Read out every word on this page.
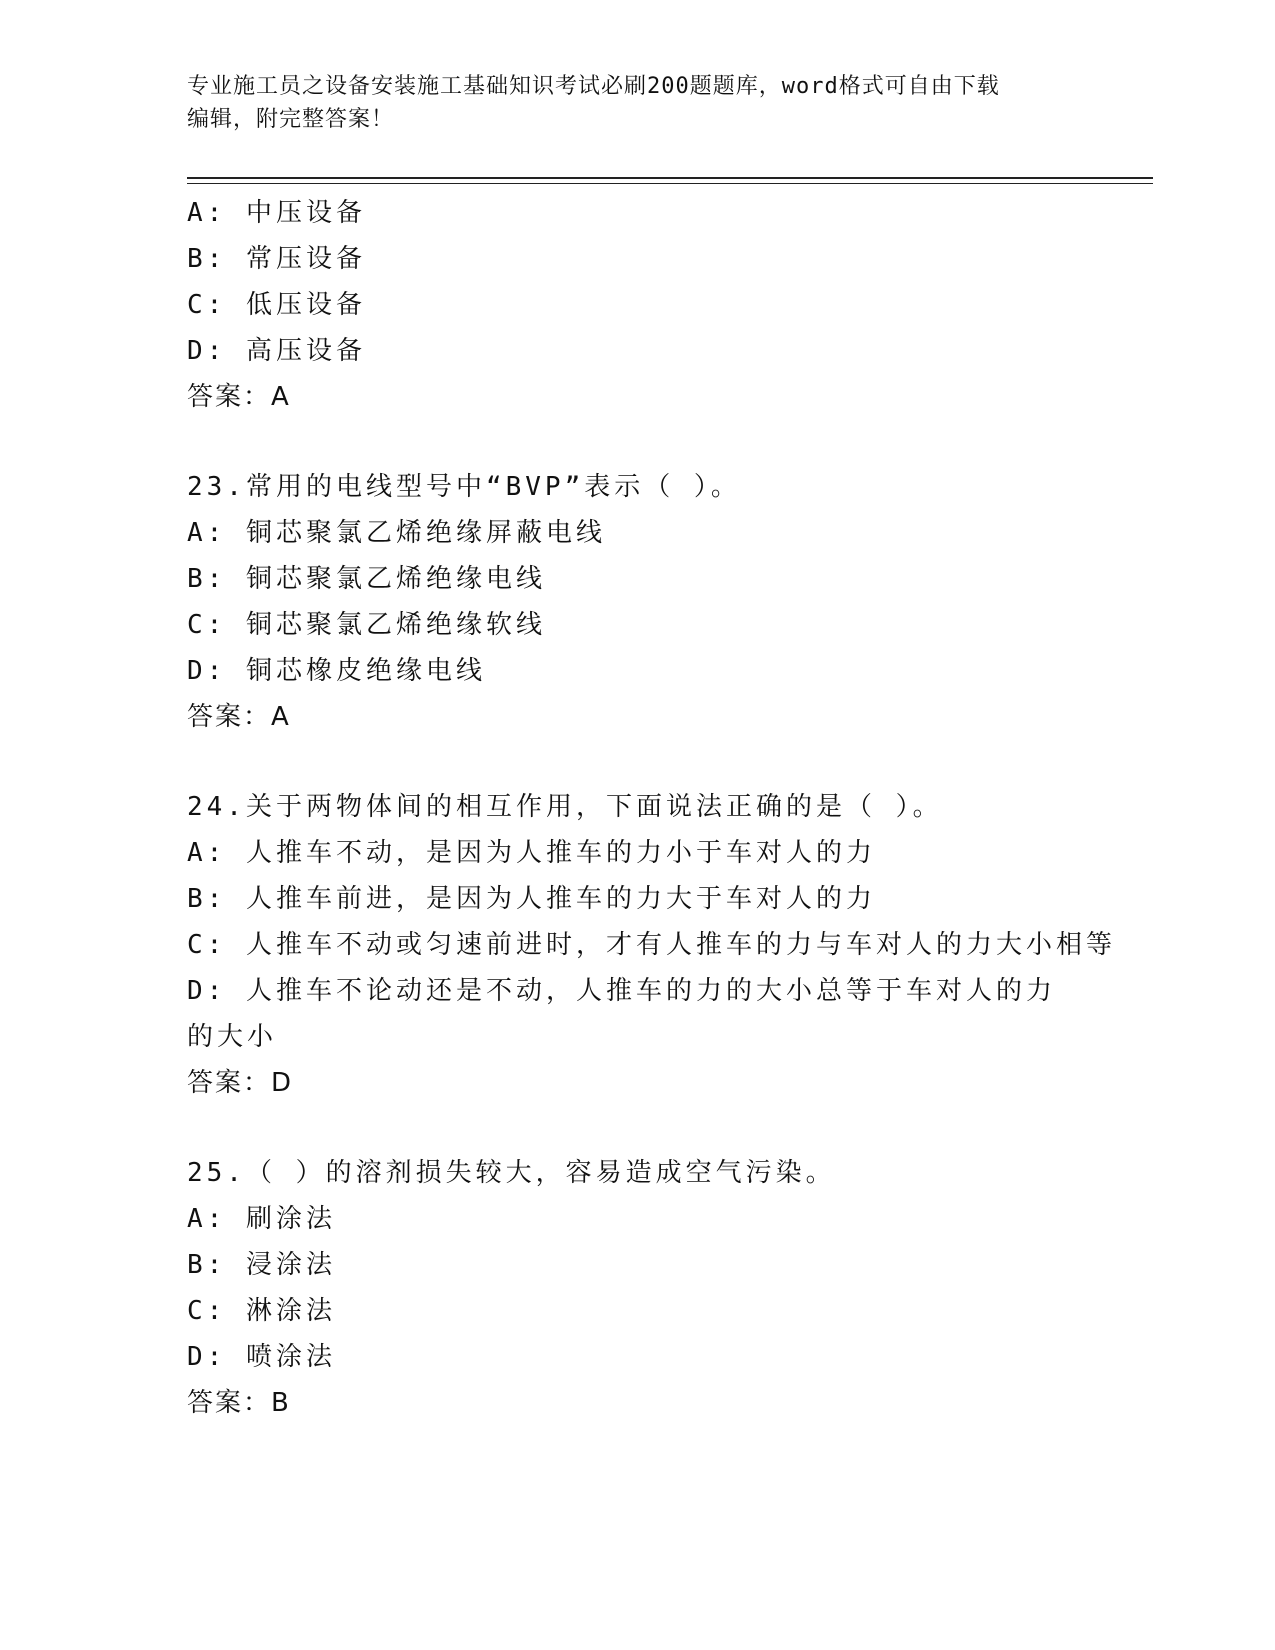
专业施工员之设备安装施工基础知识考试必刷200题题库，word格式可自由下载
编辑，附完整答案！
A: 中压设备
B: 常压设备
C: 低压设备
D: 高压设备
答案：A
23.常用的电线型号中“BVP”表示（ ）。
A: 铜芯聚氯乙烯绝缘屏蔽电线
B: 铜芯聚氯乙烯绝缘电线
C: 铜芯聚氯乙烯绝缘软线
D: 铜芯橡皮绝缘电线
答案：A
24.关于两物体间的相互作用，下面说法正确的是（ ）。
A: 人推车不动，是因为人推车的力小于车对人的力
B: 人推车前进，是因为人推车的力大于车对人的力
C: 人推车不动或匀速前进时，才有人推车的力与车对人的力大小相等
D: 人推车不论动还是不动，人推车的力的大小总等于车对人的力的大小
答案：D
25.（ ）的溶剂损失较大，容易造成空气污染。
A: 刷涂法
B: 浸涂法
C: 淋涂法
D: 喷涂法
答案：B
